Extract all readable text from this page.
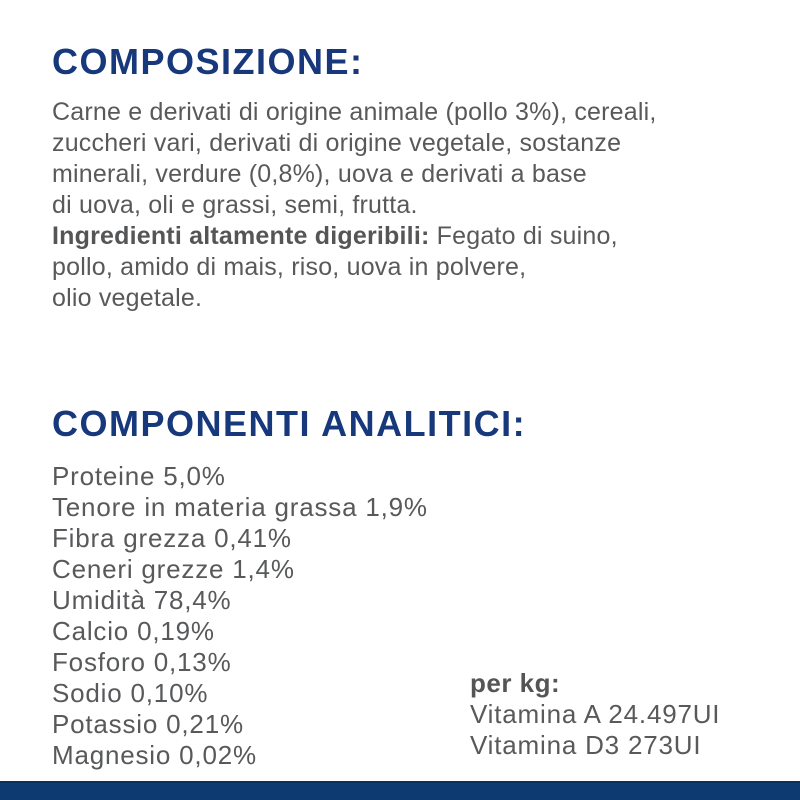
COMPOSIZIONE:
Carne e derivati di origine animale (pollo 3%), cereali,
zuccheri vari, derivati di origine vegetale, sostanze
minerali, verdure (0,8%), uova e derivati a base
di uova, oli e grassi, semi, frutta.
Ingredienti altamente digeribili: Fegato di suino,
pollo, amido di mais, riso, uova in polvere,
olio vegetale.
COMPONENTI ANALITICI:
Proteine 5,0%
Tenore in materia grassa 1,9%
Fibra grezza 0,41%
Ceneri grezze 1,4%
Umidità 78,4%
Calcio 0,19%
Fosforo 0,13%
Sodio 0,10%
Potassio 0,21%
Magnesio 0,02%
per kg:
Vitamina A 24.497UI
Vitamina D3 273UI
